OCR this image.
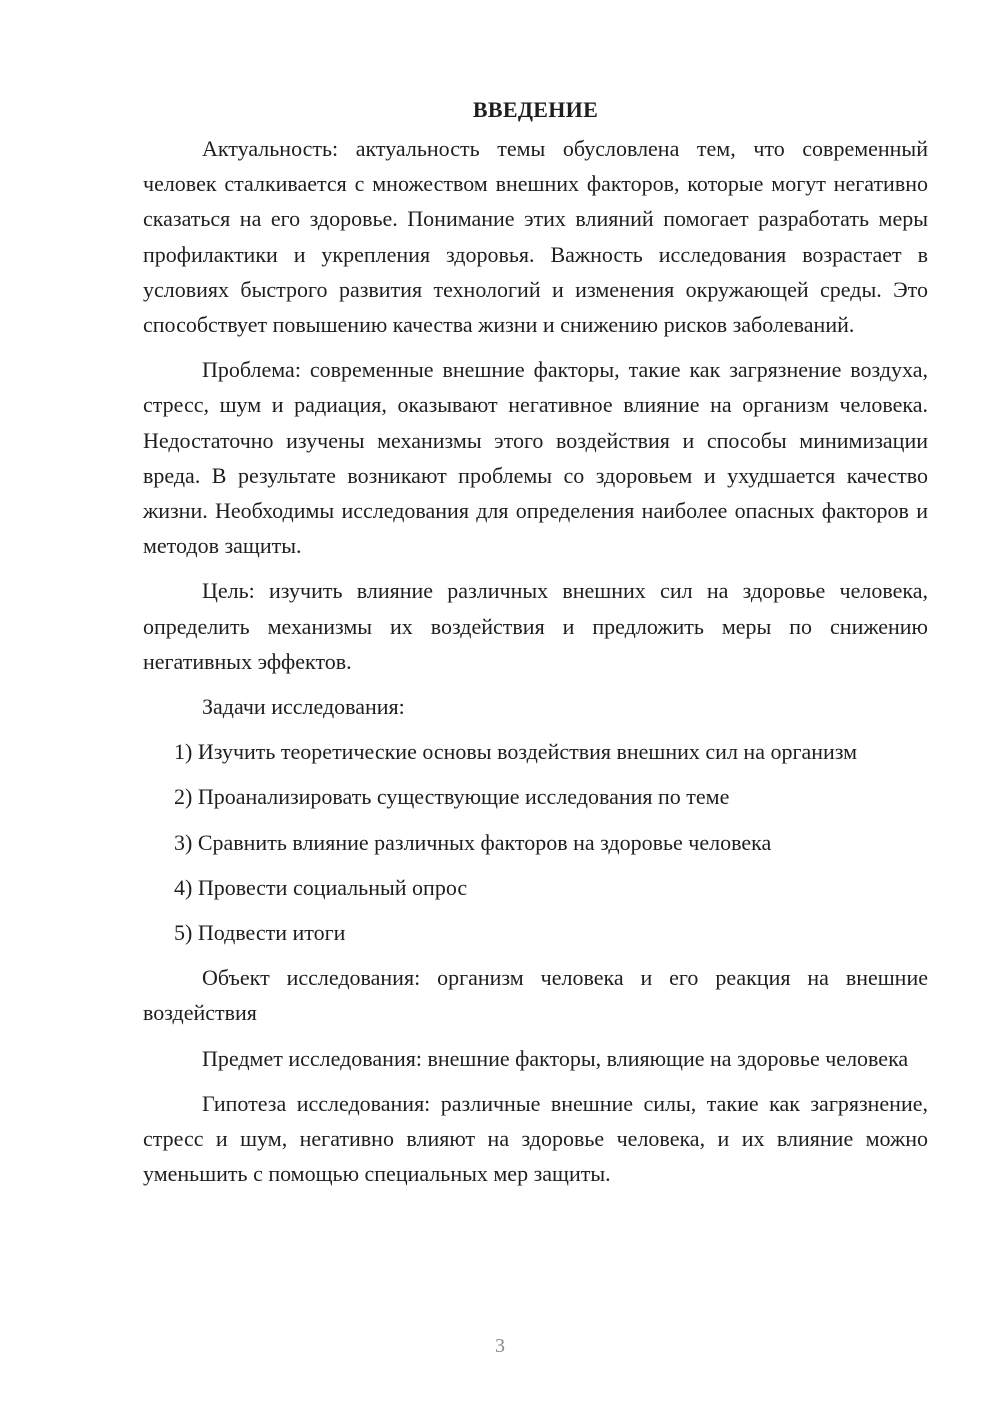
ВВЕДЕНИЕ

Актуальность: актуальность темы обусловлена тем, что современный человек сталкивается с множеством внешних факторов, которые могут негативно сказаться на его здоровье. Понимание этих влияний помогает разработать меры профилактики и укрепления здоровья. Важность исследования возрастает в условиях быстрого развития технологий и изменения окружающей среды. Это способствует повышению качества жизни и снижению рисков заболеваний.

Проблема: современные внешние факторы, такие как загрязнение воздуха, стресс, шум и радиация, оказывают негативное влияние на организм человека. Недостаточно изучены механизмы этого воздействия и способы минимизации вреда. В результате возникают проблемы со здоровьем и ухудшается качество жизни. Необходимы исследования для определения наиболее опасных факторов и методов защиты.

Цель: изучить влияние различных внешних сил на здоровье человека, определить механизмы их воздействия и предложить меры по снижению негативных эффектов.

Задачи исследования:

1) Изучить теоретические основы воздействия внешних сил на организм

2) Проанализировать существующие исследования по теме

3) Сравнить влияние различных факторов на здоровье человека

4) Провести социальный опрос

5) Подвести итоги

Объект исследования: организм человека и его реакция на внешние воздействия

Предмет исследования: внешние факторы, влияющие на здоровье человека

Гипотеза исследования: различные внешние силы, такие как загрязнение, стресс и шум, негативно влияют на здоровье человека, и их влияние можно уменьшить с помощью специальных мер защиты.

3
